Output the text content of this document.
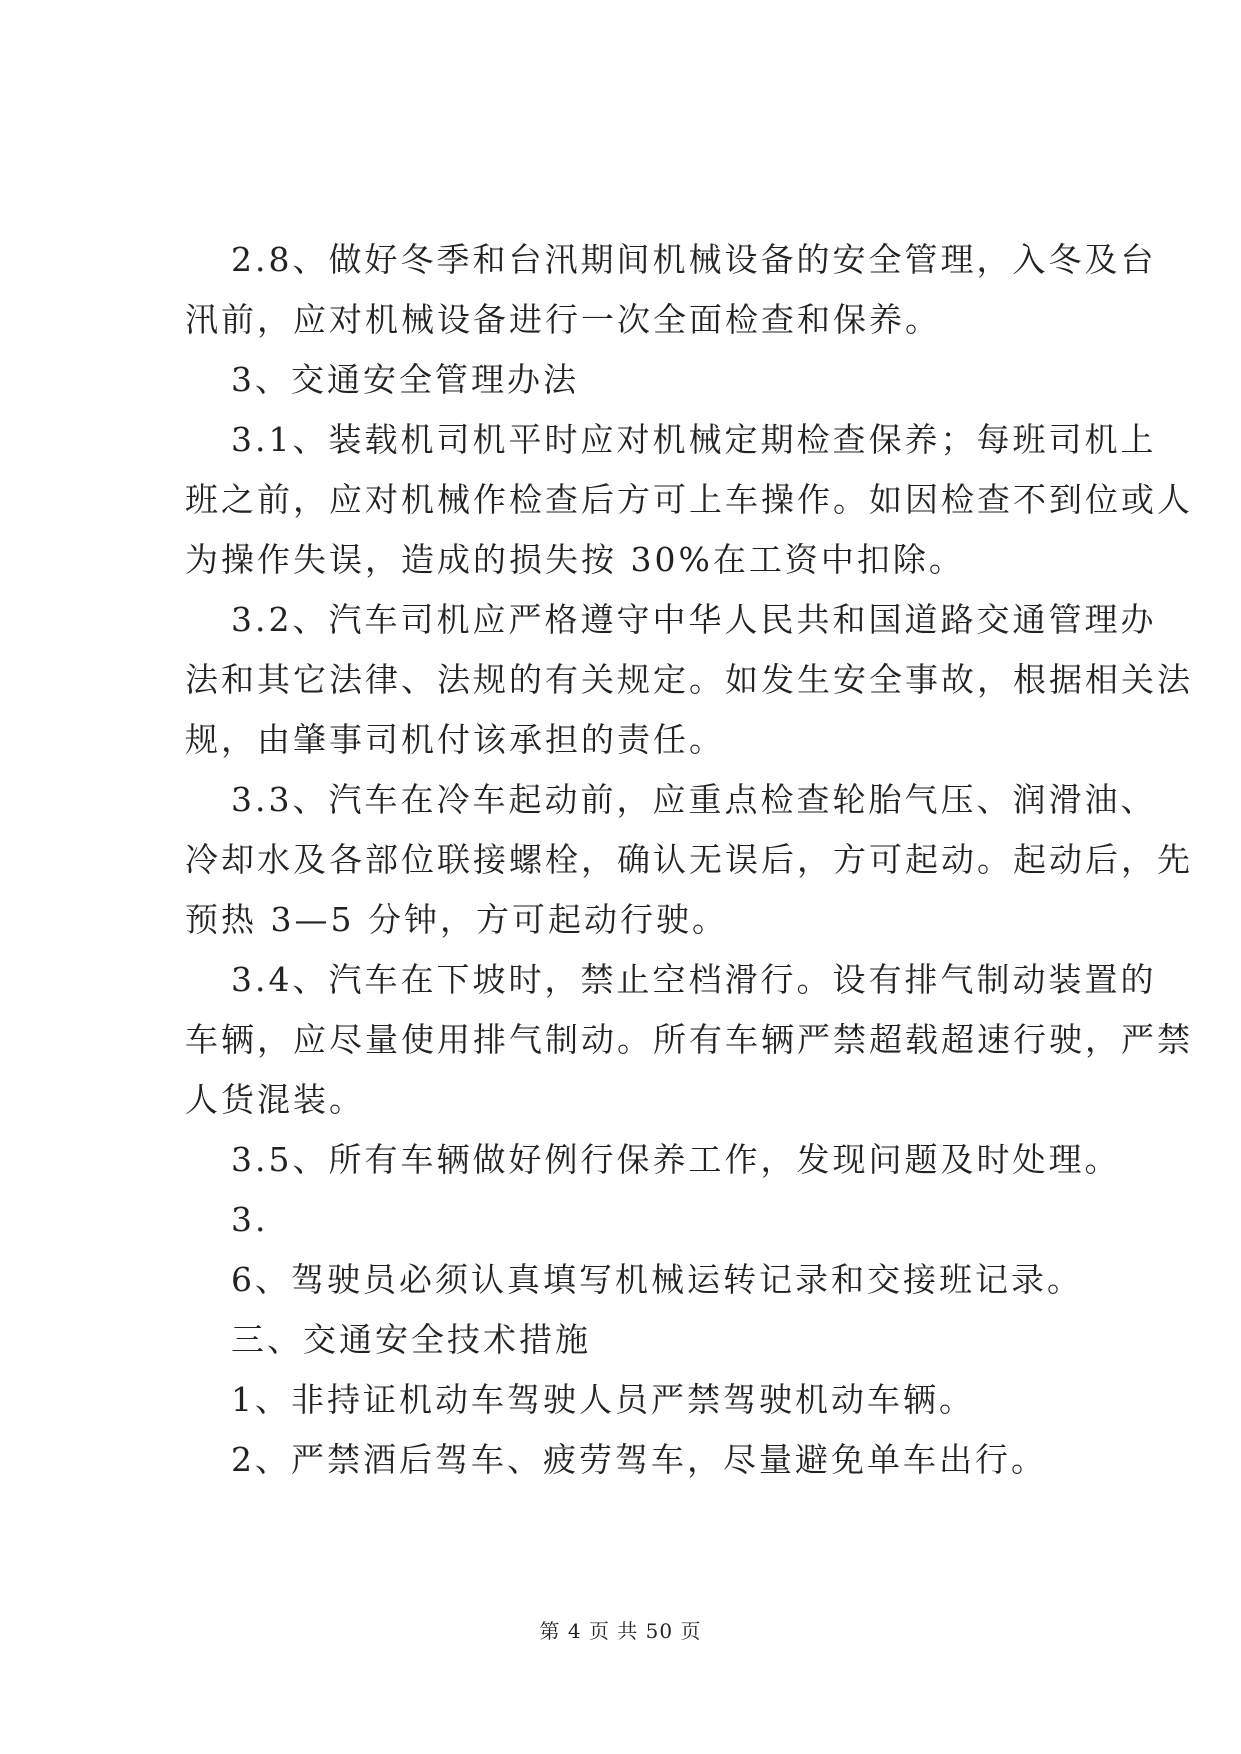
2.8、做好冬季和台汛期间机械设备的安全管理，入冬及台
汛前，应对机械设备进行一次全面检查和保养。
3、交通安全管理办法
3.1、装载机司机平时应对机械定期检查保养；每班司机上
班之前，应对机械作检查后方可上车操作。如因检查不到位或人
为操作失误，造成的损失按 30%在工资中扣除。
3.2、汽车司机应严格遵守中华人民共和国道路交通管理办
法和其它法律、法规的有关规定。如发生安全事故，根据相关法
规，由肇事司机付该承担的责任。
3.3、汽车在冷车起动前，应重点检查轮胎气压、润滑油、
冷却水及各部位联接螺栓，确认无误后，方可起动。起动后，先
预热 3—5 分钟，方可起动行驶。
3.4、汽车在下坡时，禁止空档滑行。设有排气制动装置的
车辆，应尽量使用排气制动。所有车辆严禁超载超速行驶，严禁
人货混装。
3.5、所有车辆做好例行保养工作，发现问题及时处理。
3.
6、驾驶员必须认真填写机械运转记录和交接班记录。
三、交通安全技术措施
1、非持证机动车驾驶人员严禁驾驶机动车辆。
2、严禁酒后驾车、疲劳驾车，尽量避免单车出行。
第 4 页 共 50 页
